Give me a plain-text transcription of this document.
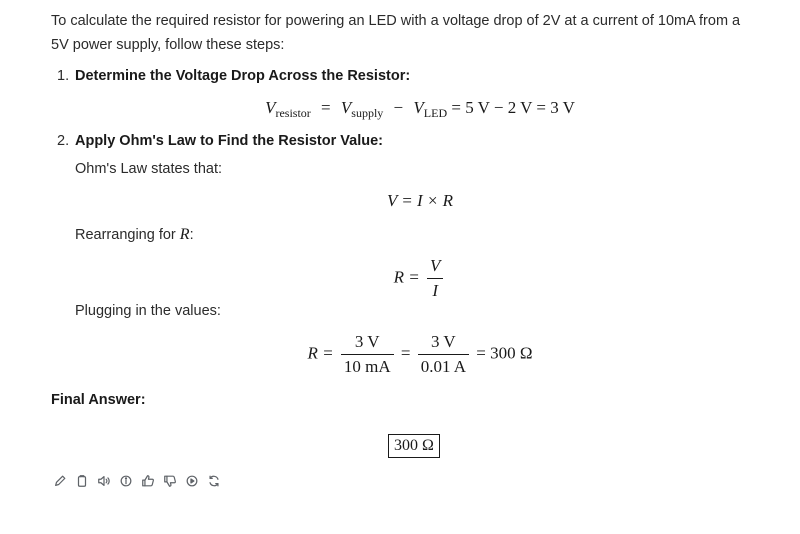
To calculate the required resistor for powering an LED with a voltage drop of 2V at a current of 10mA from a 5V power supply, follow these steps:
1. Determine the Voltage Drop Across the Resistor:
$V_{resistor} = V_{supply} - V_{LED} = 5$ V − 2 V = 3 V
2. Apply Ohm's Law to Find the Resistor Value:
Ohm's Law states that:
V = I × R
Rearranging for R:
$R = \frac{V}{I}$
Plugging in the values:
$R = \frac{3 V}{10 mA} = \frac{3 V}{0.01 A} = 300$ Ω
Final Answer:
300 Ω
